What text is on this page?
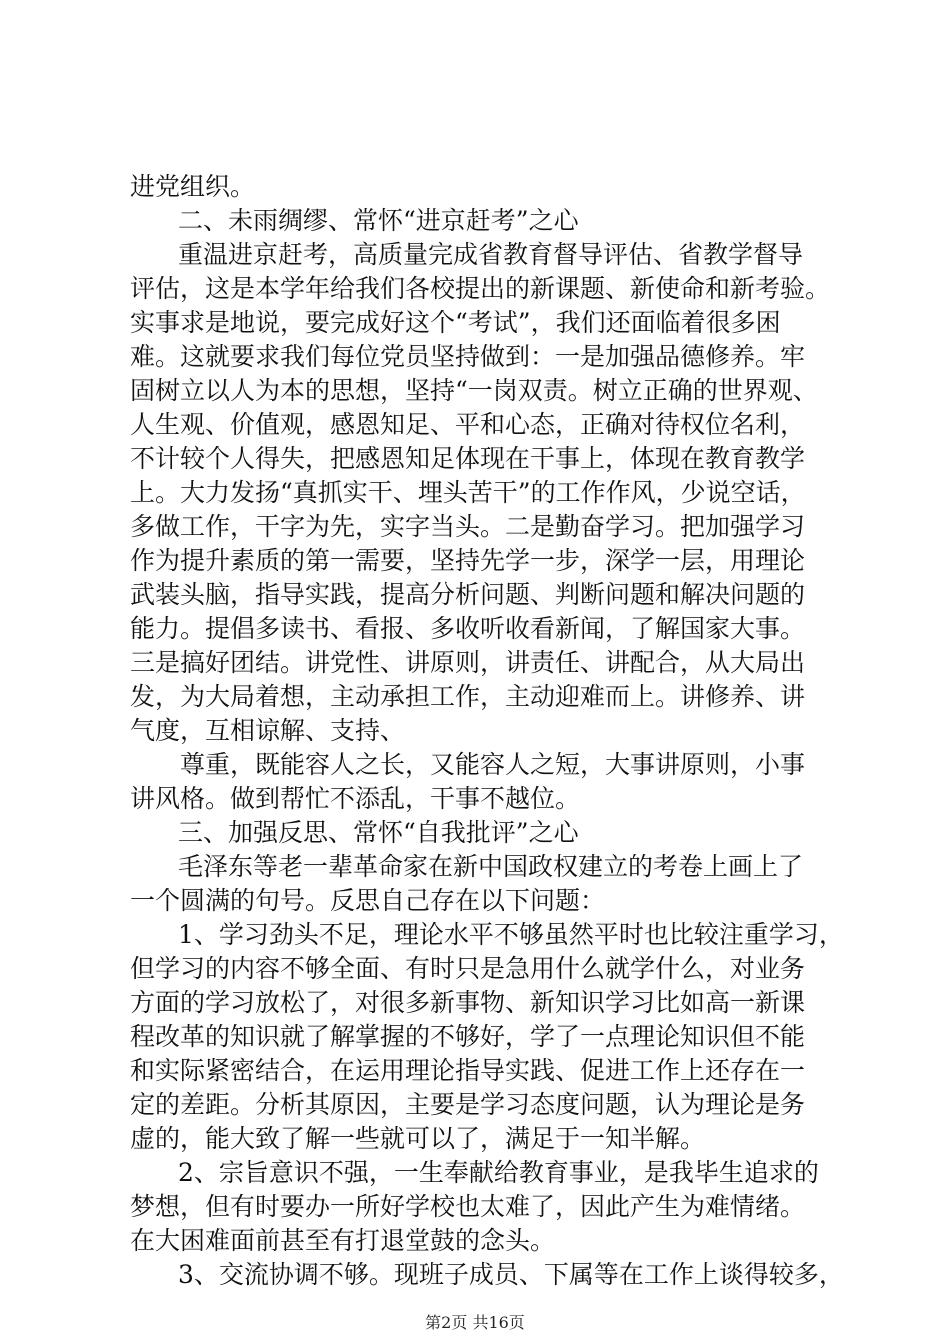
进党组织。
二、未雨绸缪、常怀“进京赶考”之心
重温进京赶考，高质量完成省教育督导评估、省教学督导
评估，这是本学年给我们各校提出的新课题、新使命和新考验。
实事求是地说，要完成好这个“考试”，我们还面临着很多困
难。这就要求我们每位党员坚持做到：一是加强品德修养。牢
固树立以人为本的思想，坚持“一岗双责。树立正确的世界观、
人生观、价值观，感恩知足、平和心态，正确对待权位名利，
不计较个人得失，把感恩知足体现在干事上，体现在教育教学
上。大力发扬“真抓实干、埋头苦干”的工作作风，少说空话，
多做工作，干字为先，实字当头。二是勤奋学习。把加强学习
作为提升素质的第一需要，坚持先学一步，深学一层，用理论
武装头脑，指导实践，提高分析问题、判断问题和解决问题的
能力。提倡多读书、看报、多收听收看新闻，了解国家大事。
三是搞好团结。讲党性、讲原则，讲责任、讲配合，从大局出
发，为大局着想，主动承担工作，主动迎难而上。讲修养、讲
气度，互相谅解、支持、
尊重，既能容人之长，又能容人之短，大事讲原则，小事
讲风格。做到帮忙不添乱，干事不越位。
三、加强反思、常怀“自我批评”之心
毛泽东等老一辈革命家在新中国政权建立的考卷上画上了
一个圆满的句号。反思自己存在以下问题：
1、学习劲头不足，理论水平不够虽然平时也比较注重学习，
但学习的内容不够全面、有时只是急用什么就学什么，对业务
方面的学习放松了，对很多新事物、新知识学习比如高一新课
程改革的知识就了解掌握的不够好，学了一点理论知识但不能
和实际紧密结合，在运用理论指导实践、促进工作上还存在一
定的差距。分析其原因，主要是学习态度问题，认为理论是务
虚的，能大致了解一些就可以了，满足于一知半解。
2、宗旨意识不强，一生奉献给教育事业，是我毕生追求的
梦想，但有时要办一所好学校也太难了，因此产生为难情绪。
在大困难面前甚至有打退堂鼓的念头。
3、交流协调不够。现班子成员、下属等在工作上谈得较多，
第2页 共16页
